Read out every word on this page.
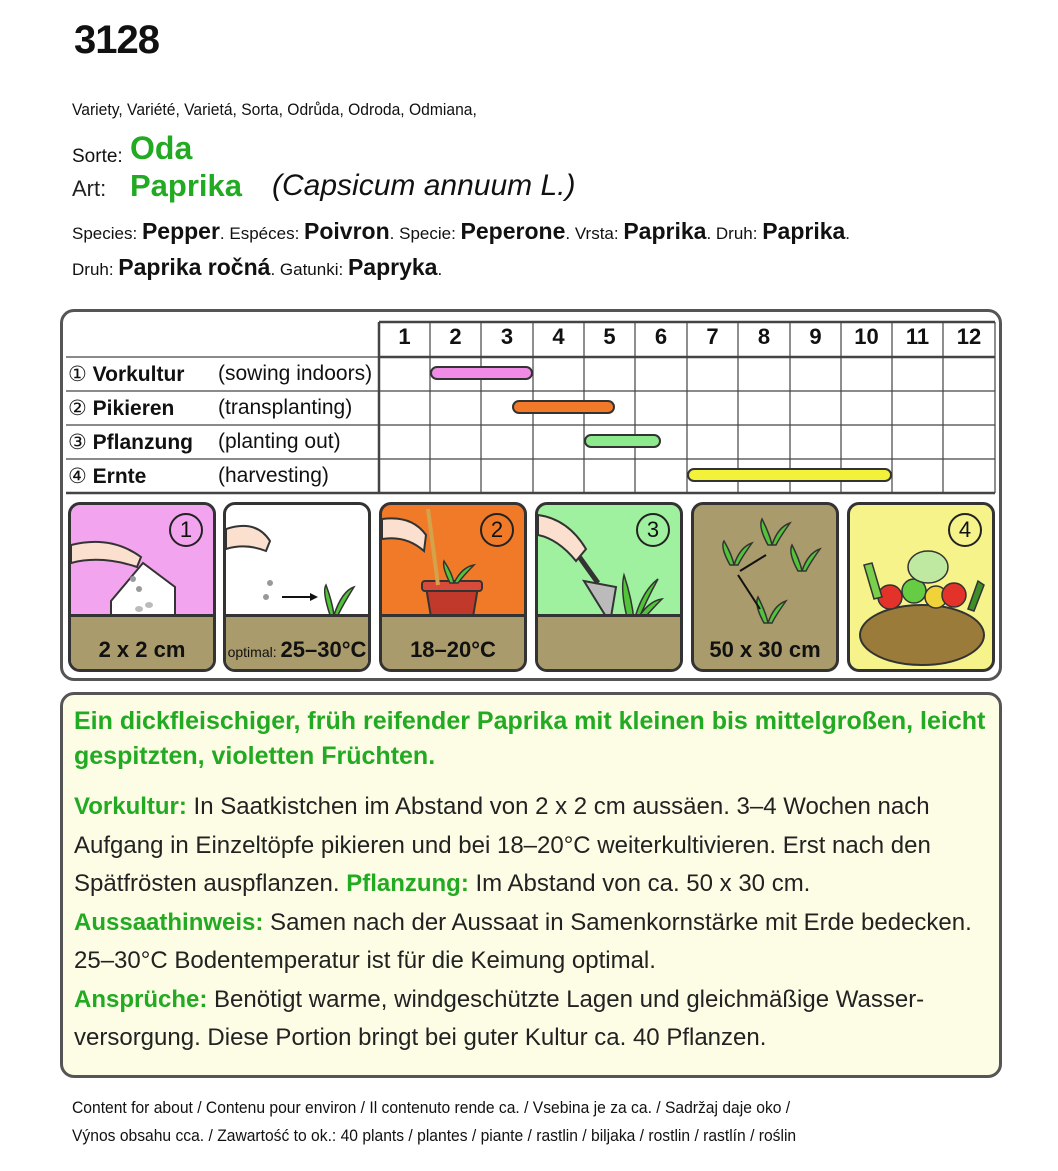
3128
Variety, Variété, Varietá, Sorta, Odrůda, Odroda, Odmiana,
Sorte: Oda
Art: Paprika (Capsicum annuum L.)
Species: Pepper. Espéces: Poivron. Specie: Peperone. Vrsta: Paprika. Druh: Paprika.
Druh: Paprika ročná. Gatunki: Papryka.
1	2	3	4	5	6	7	8	9	10	11	12
① Vorkultur (sowing indoors)
② Pikieren (transplanting)
③ Pflanzung (planting out)
④ Ernte	(harvesting)
1
2 x 2 cm	optimal: 25–30°C
2
18–20°C
3
50 x 30 cm
4
Ein dickfleischiger, früh reifender Paprika mit kleinen bis mittelgroßen, leicht gespitzten, violetten Früchten.
Vorkultur: In Saatkistchen im Abstand von 2 x 2 cm aussäen. 3–4 Wochen nach Aufgang in Einzeltöpfe pikieren und bei 18–20°C weiterkultivieren. Erst nach den Spätfrösten auspflanzen. Pflanzung: Im Abstand von ca. 50 x 30 cm.
Aussaathinweis: Samen nach der Aussaat in Samenkornstärke mit Erde bedecken. 25–30°C Bodentemperatur ist für die Keimung optimal.
Ansprüche: Benötigt warme, windgeschützte Lagen und gleichmäßige Wasser-versorgung. Diese Portion bringt bei guter Kultur ca. 40 Pflanzen.
Content for about / Contenu pour environ / Il contenuto rende ca. / Vsebina je za ca. / Sadržaj daje oko /
Výnos obsahu cca. / Zawartość to ok.: 40 plants / plantes / piante / rastlin / biljaka / rostlin / rastlín / roślin
